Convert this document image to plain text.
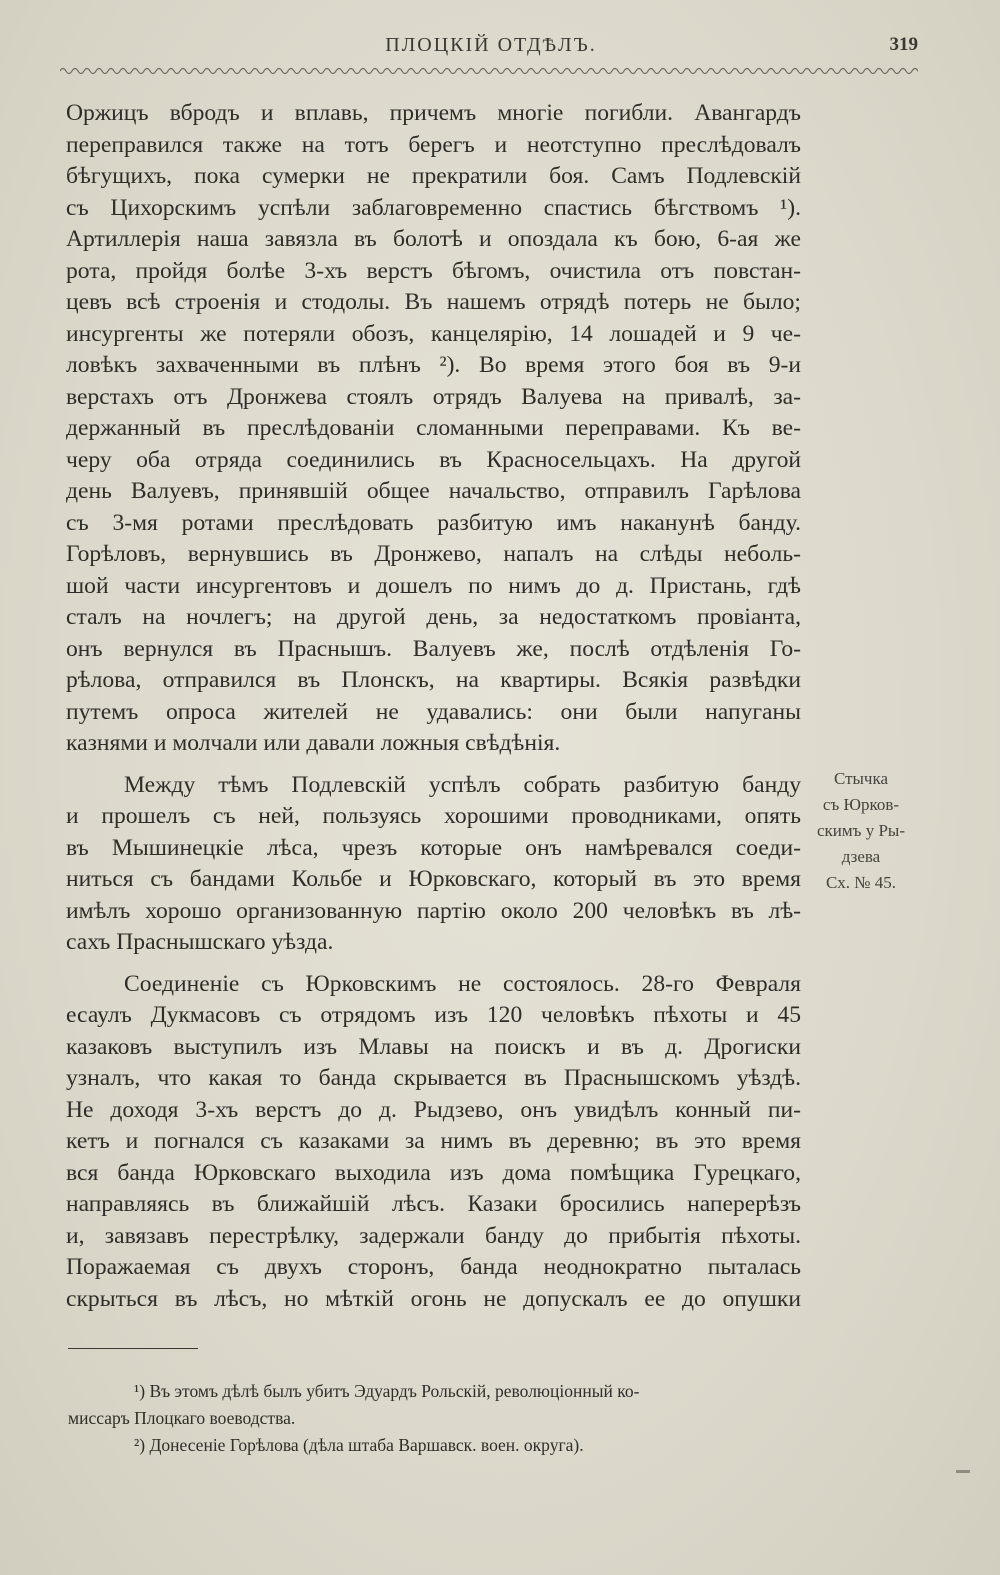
ПЛОЦКІЙ ОТДѢЛЪ.	319
Оржицъ вбродъ и вплавь, причемъ многіе погибли. Авангардъ
переправился также на тотъ берегъ и неотступно преслѣдовалъ
бѣгущихъ, пока сумерки не прекратили боя. Самъ Подлевскій
съ Цихорскимъ успѣли заблаговременно спастись бѣгствомъ ¹).
Артиллерія наша завязла въ болотѣ и опоздала къ бою, 6-ая же
рота, пройдя болѣе 3-хъ верстъ бѣгомъ, очистила отъ повстан-
цевъ всѣ строенія и стодолы. Въ нашемъ отрядѣ потерь не было;
инсургенты же потеряли обозъ, канцелярію, 14 лошадей и 9 че-
ловѣкъ захваченными въ плѣнъ ²). Во время этого боя въ 9-и
верстахъ отъ Дронжева стоялъ отрядъ Валуева на привалѣ, за-
держанный въ преслѣдованіи сломанными переправами. Къ ве-
черу оба отряда соединились въ Красносельцахъ. На другой
день Валуевъ, принявшій общее начальство, отправилъ Гарѣлова
съ 3-мя ротами преслѣдовать разбитую имъ наканунѣ банду.
Горѣловъ, вернувшись въ Дронжево, напалъ на слѣды неболь-
шой части инсургентовъ и дошелъ по нимъ до д. Пристань, гдѣ
сталъ на ночлегъ; на другой день, за недостаткомъ провіанта,
онъ вернулся въ Праснышъ. Валуевъ же, послѣ отдѣленія Го-
рѣлова, отправился въ Плонскъ, на квартиры. Всякія развѣдки
путемъ опроса жителей не удавались: они были напуганы
казнями и молчали или давали ложныя свѣдѣнія.
Между тѣмъ Подлевскій успѣлъ собрать разбитую банду
и прошелъ съ ней, пользуясь хорошими проводниками, опять
въ Мышинецкіе лѣса, чрезъ которые онъ намѣревался соеди-
ниться съ бандами Кольбе и Юрковскаго, который въ это время
имѣлъ хорошо организованную партію около 200 человѣкъ въ лѣ-
сахъ Праснышскаго уѣзда.
Соединеніе съ Юрковскимъ не состоялось. 28-го Февраля
есаулъ Дукмасовъ съ отрядомъ изъ 120 человѣкъ пѣхоты и 45
казаковъ выступилъ изъ Млавы на поискъ и въ д. Дрогиски
узналъ, что какая то банда скрывается въ Праснышскомъ уѣздѣ.
Не доходя 3-хъ верстъ до д. Рыдзево, онъ увидѣлъ конный пи-
кетъ и погнался съ казаками за нимъ въ деревню; въ это время
вся банда Юрковскаго выходила изъ дома помѣщика Гурецкаго,
направляясь въ ближайшій лѣсъ. Казаки бросились наперерѣзъ
и, завязавъ перестрѣлку, задержали банду до прибытія пѣхоты.
Поражаемая съ двухъ сторонъ, банда неоднократно пыталась
скрыться въ лѣсъ, но мѣткій огонь не допускалъ ее до опушки
Стычка
съ Юрков-
скимъ у Ры-
дзева
Сх. № 45.
¹) Въ этомъ дѣлѣ былъ убитъ Эдуардъ Рольскій, революціонный ко-
миссаръ Плоцкаго воеводства.
²) Донесеніе Горѣлова (дѣла штаба Варшавск. воен. округа).
